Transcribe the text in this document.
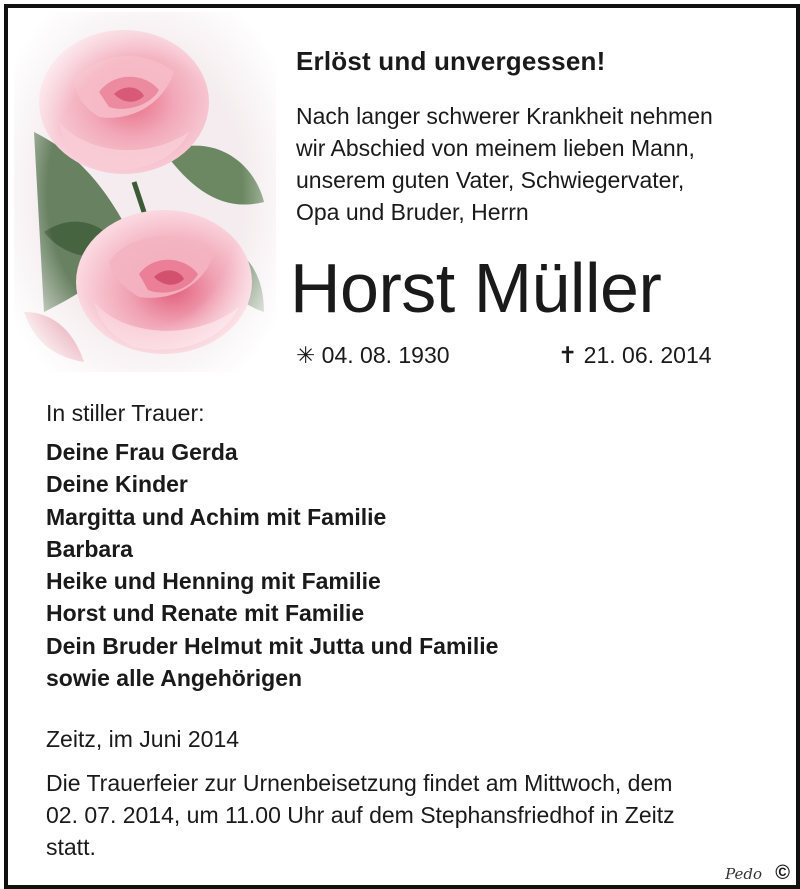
Erlöst und unvergessen!
Nach langer schwerer Krankheit nehmen
wir Abschied von meinem lieben Mann,
unserem guten Vater, Schwiegervater,
Opa und Bruder, Herrn
Horst Müller
✳ 04. 08. 1930	✝ 21. 06. 2014
In stiller Trauer:
Deine Frau Gerda
Deine Kinder
Margitta und Achim mit Familie
Barbara
Heike und Henning mit Familie
Horst und Renate mit Familie
Dein Bruder Helmut mit Jutta und Familie
sowie alle Angehörigen
Zeitz, im Juni 2014
Die Trauerfeier zur Urnenbeisetzung findet am Mittwoch, dem
02. 07. 2014, um 11.00 Uhr auf dem Stephansfriedhof in Zeitz
statt.
Pedo ©
